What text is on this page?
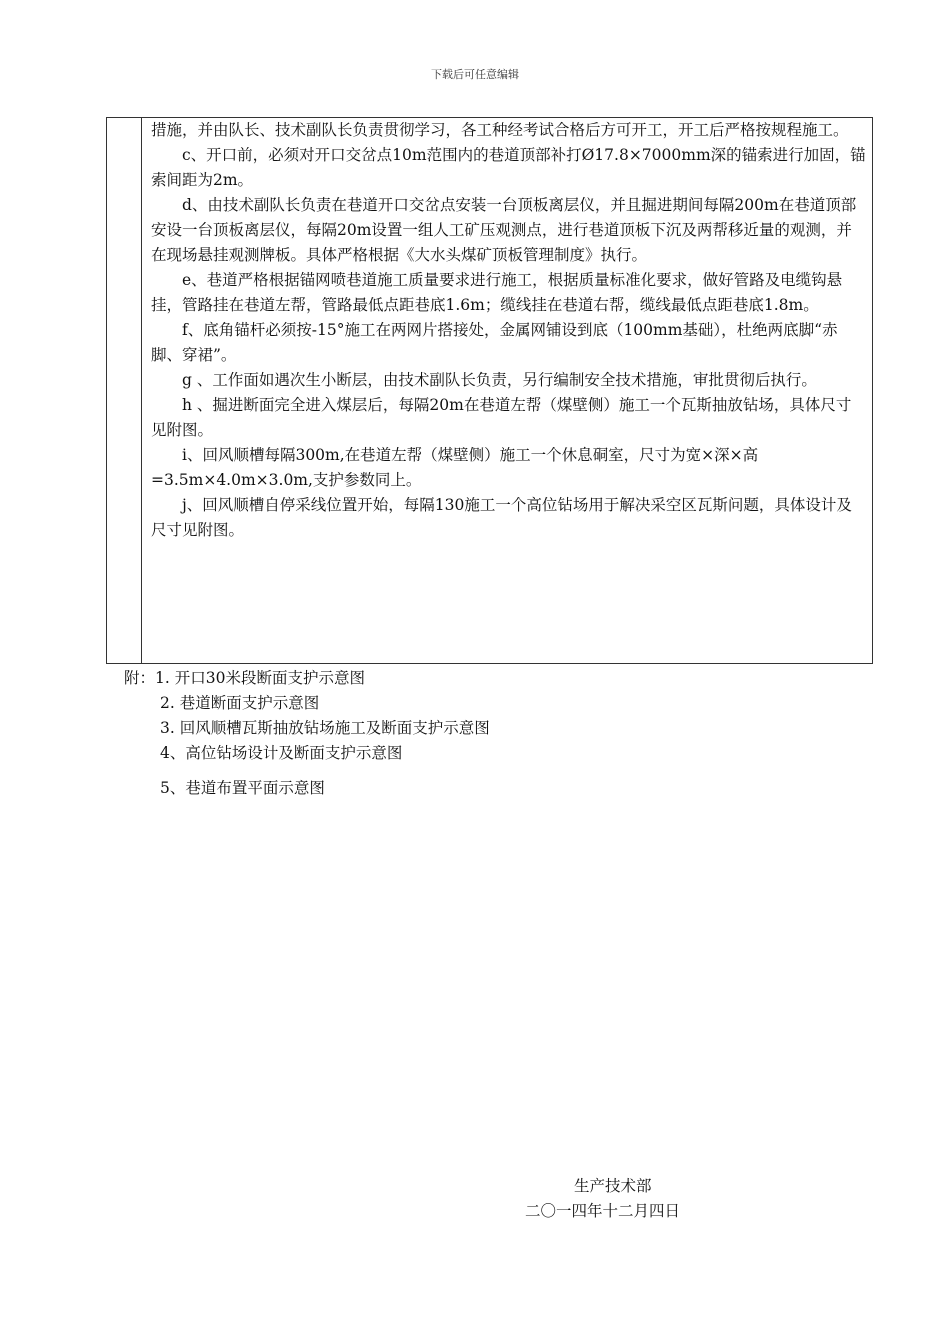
下载后可任意编辑

措施，并由队长、技术副队长负责贯彻学习，各工种经考试合格后方可开工，开工后严格按规程施工。

c、开口前，必须对开口交岔点10m范围内的巷道顶部补打Ø17.8×7000mm深的锚索进行加固，锚索间距为2m。

d、由技术副队长负责在巷道开口交岔点安装一台顶板离层仪，并且掘进期间每隔200m在巷道顶部安设一台顶板离层仪，每隔20m设置一组人工矿压观测点，进行巷道顶板下沉及两帮移近量的观测，并在现场悬挂观测牌板。具体严格根据《大水头煤矿顶板管理制度》执行。

e、巷道严格根据锚网喷巷道施工质量要求进行施工，根据质量标准化要求，做好管路及电缆钩悬挂，管路挂在巷道左帮，管路最低点距巷底1.6m；缆线挂在巷道右帮，缆线最低点距巷底1.8m。

f、底角锚杆必须按-15°施工在两网片搭接处，金属网铺设到底（100mm基础），杜绝两底脚“赤脚、穿裙”。

g 、工作面如遇次生小断层，由技术副队长负责，另行编制安全技术措施，审批贯彻后执行。

h 、掘进断面完全进入煤层后，每隔20m在巷道左帮（煤壁侧）施工一个瓦斯抽放钻场，具体尺寸见附图。

i、回风顺槽每隔300m,在巷道左帮（煤壁侧）施工一个休息硐室，尺寸为宽×深×高=3.5m×4.0m×3.0m,支护参数同上。

j、回风顺槽自停采线位置开始，每隔130施工一个高位钻场用于解决采空区瓦斯问题，具体设计及尺寸见附图。

附：1. 开口30米段断面支护示意图
2. 巷道断面支护示意图
3. 回风顺槽瓦斯抽放钻场施工及断面支护示意图
4、高位钻场设计及断面支护示意图
5、巷道布置平面示意图
生产技术部
二〇一四年十二月四日
